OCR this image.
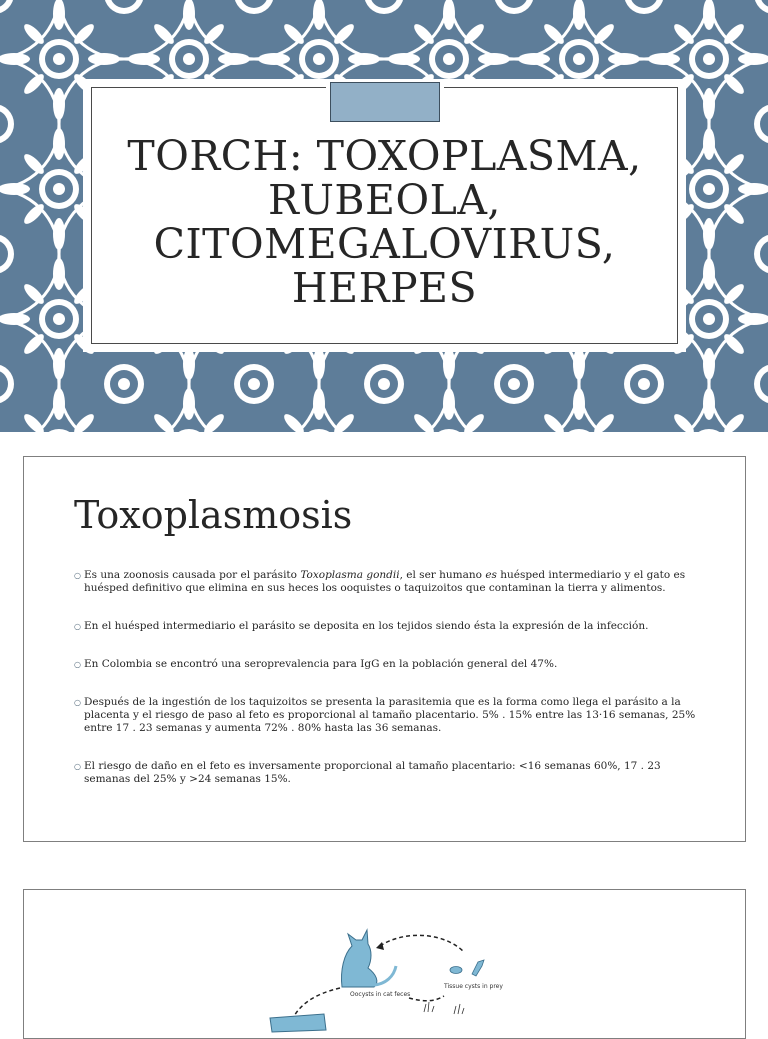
TORCH: TOXOPLASMA,
RUBEOLA,
CITOMEGALOVIRUS,
HERPES
Toxoplasmosis
○ Es una zoonosis causada por el parásito Toxoplasma gondii, el ser humano es huésped intermediario y el gato es huésped definitivo que elimina en sus heces los ooquistes o taquizoitos que contaminan la tierra y alimentos.
○ En el huésped intermediario el parásito se deposita en los tejidos siendo ésta la expresión de la infección.
○ En Colombia se encontró una seroprevalencia para IgG en la población general del 47%.
○ Después de la ingestión de los taquizoitos se presenta la parasitemia que es la forma como llega el parásito a la placenta y el riesgo de paso al feto es proporcional al tamaño placentario. 5% . 15% entre las 13·16 semanas, 25% entre 17 . 23 semanas y aumenta 72% . 80% hasta las 36 semanas.
○ El riesgo de daño en el feto es inversamente proporcional al tamaño placentario: <16 semanas 60%, 17 . 23 semanas del 25% y >24 semanas 15%.
Oocysts in cat feces
Tissue cysts in prey
